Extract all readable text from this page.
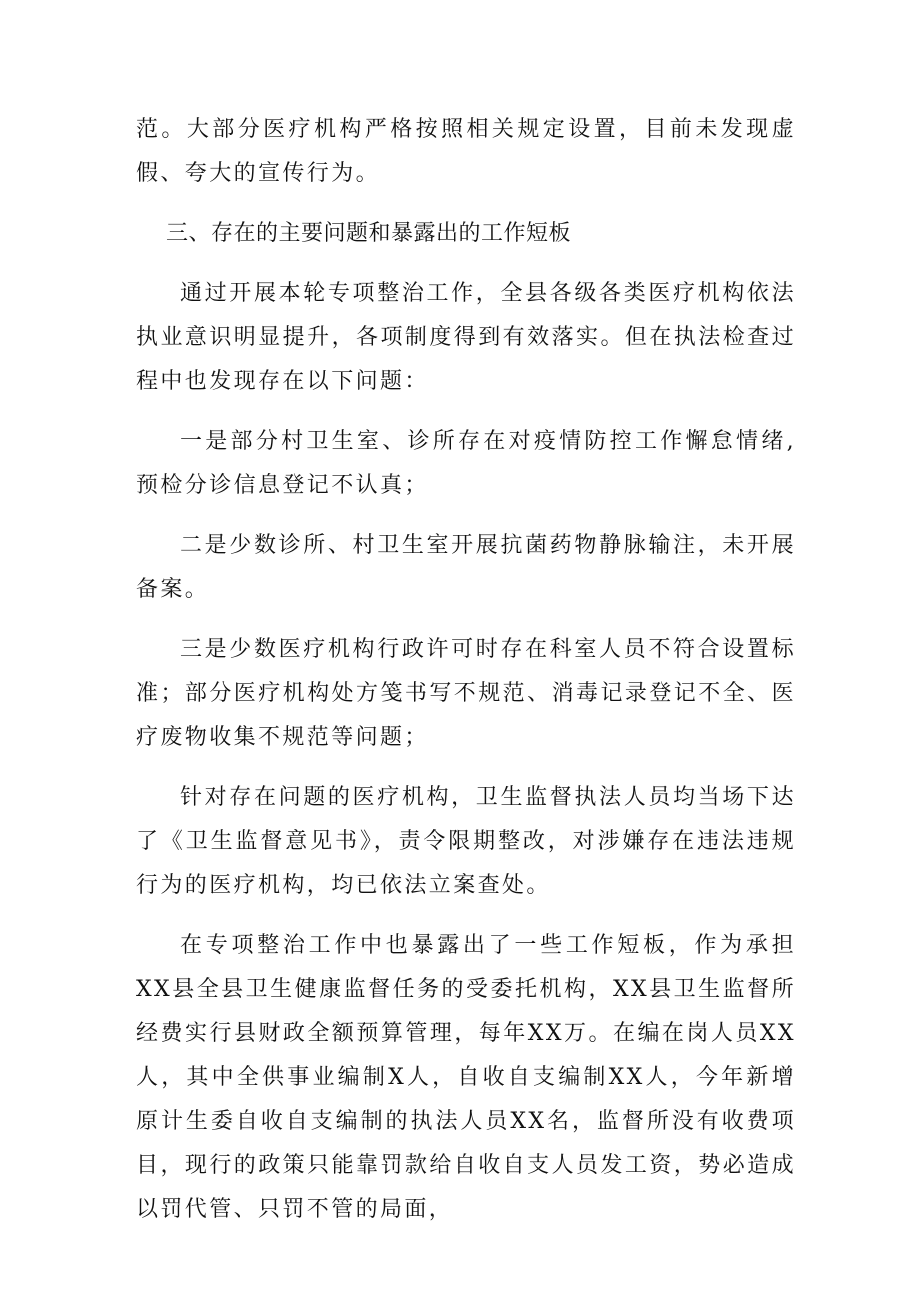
范。大部分医疗机构严格按照相关规定设置，目前未发现虚假、夸大的宣传行为。

三、存在的主要问题和暴露出的工作短板

通过开展本轮专项整治工作，全县各级各类医疗机构依法执业意识明显提升，各项制度得到有效落实。但在执法检查过程中也发现存在以下问题：

一是部分村卫生室、诊所存在对疫情防控工作懈怠情绪,预检分诊信息登记不认真；

二是少数诊所、村卫生室开展抗菌药物静脉输注，未开展备案。

三是少数医疗机构行政许可时存在科室人员不符合设置标准；部分医疗机构处方笺书写不规范、消毒记录登记不全、医疗废物收集不规范等问题；

针对存在问题的医疗机构，卫生监督执法人员均当场下达了《卫生监督意见书》，责令限期整改，对涉嫌存在违法违规行为的医疗机构，均已依法立案查处。

在专项整治工作中也暴露出了一些工作短板，作为承担XX县全县卫生健康监督任务的受委托机构，XX县卫生监督所经费实行县财政全额预算管理，每年XX万。在编在岗人员XX人，其中全供事业编制X人，自收自支编制XX人，今年新增原计生委自收自支编制的执法人员XX名，监督所没有收费项目，现行的政策只能靠罚款给自收自支人员发工资，势必造成以罚代管、只罚不管的局面，
